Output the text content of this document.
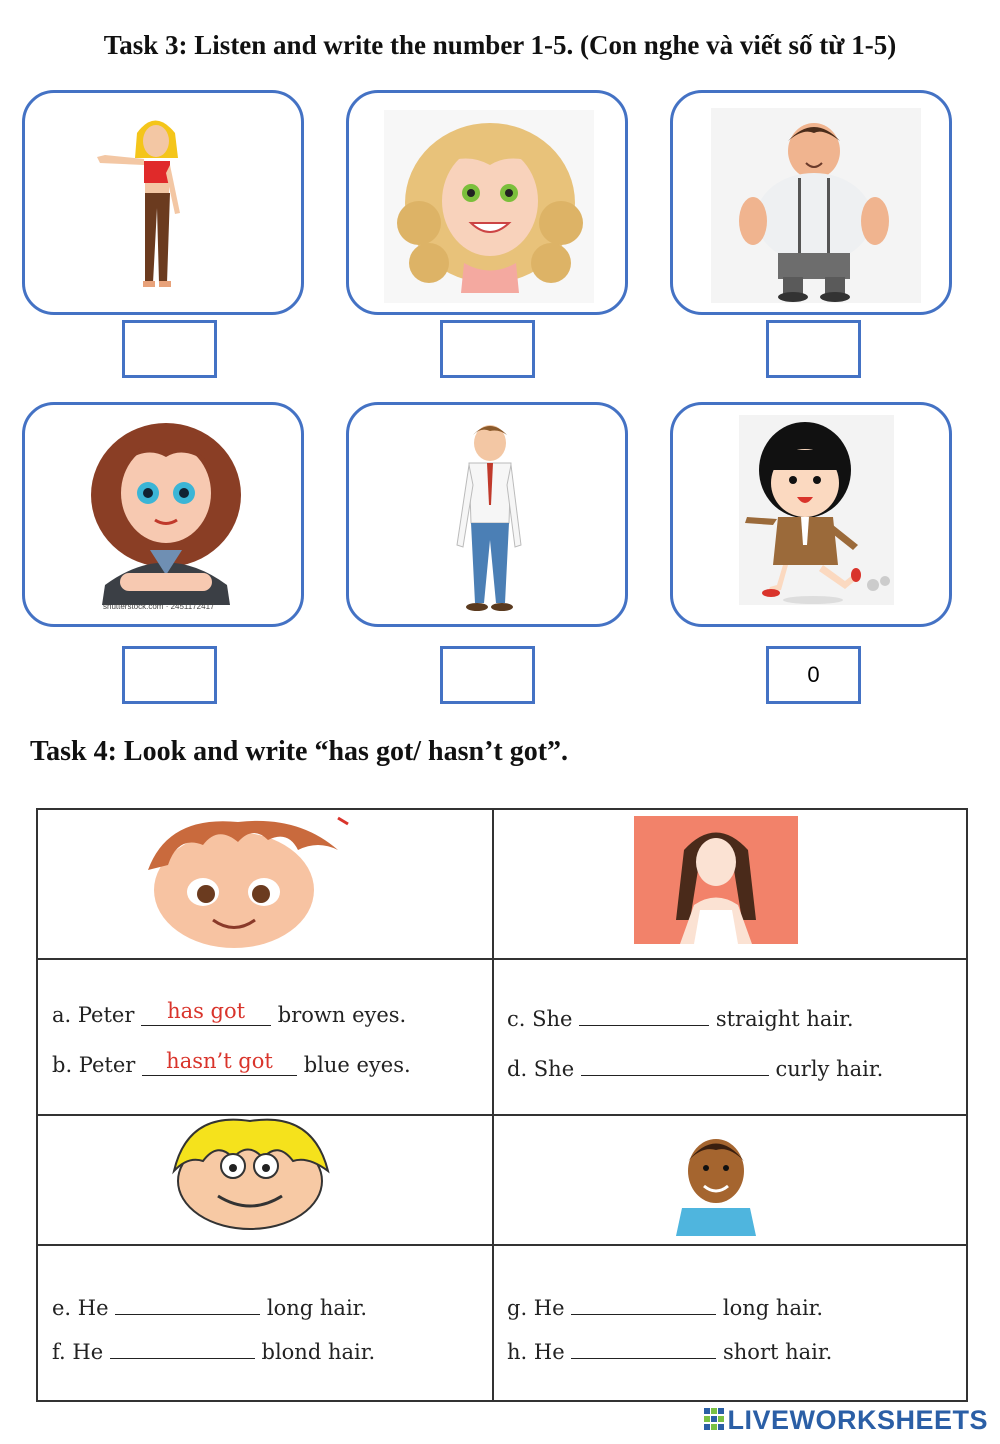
Task 3: Listen and write the number 1-5. (Con nghe và viết số từ 1-5)
shutterstock.com · 2451172417
0
Task 4: Look and write “has got/ hasn’t got”.
a. Peter has got brown eyes.
b. Peter hasn’t got blue eyes.
c. She	straight hair.
d. She	curly hair.
e. He	long hair.
f. He	blond hair.
g. He	long hair.
h. He	short hair.
LIVEWORKSHEETS
